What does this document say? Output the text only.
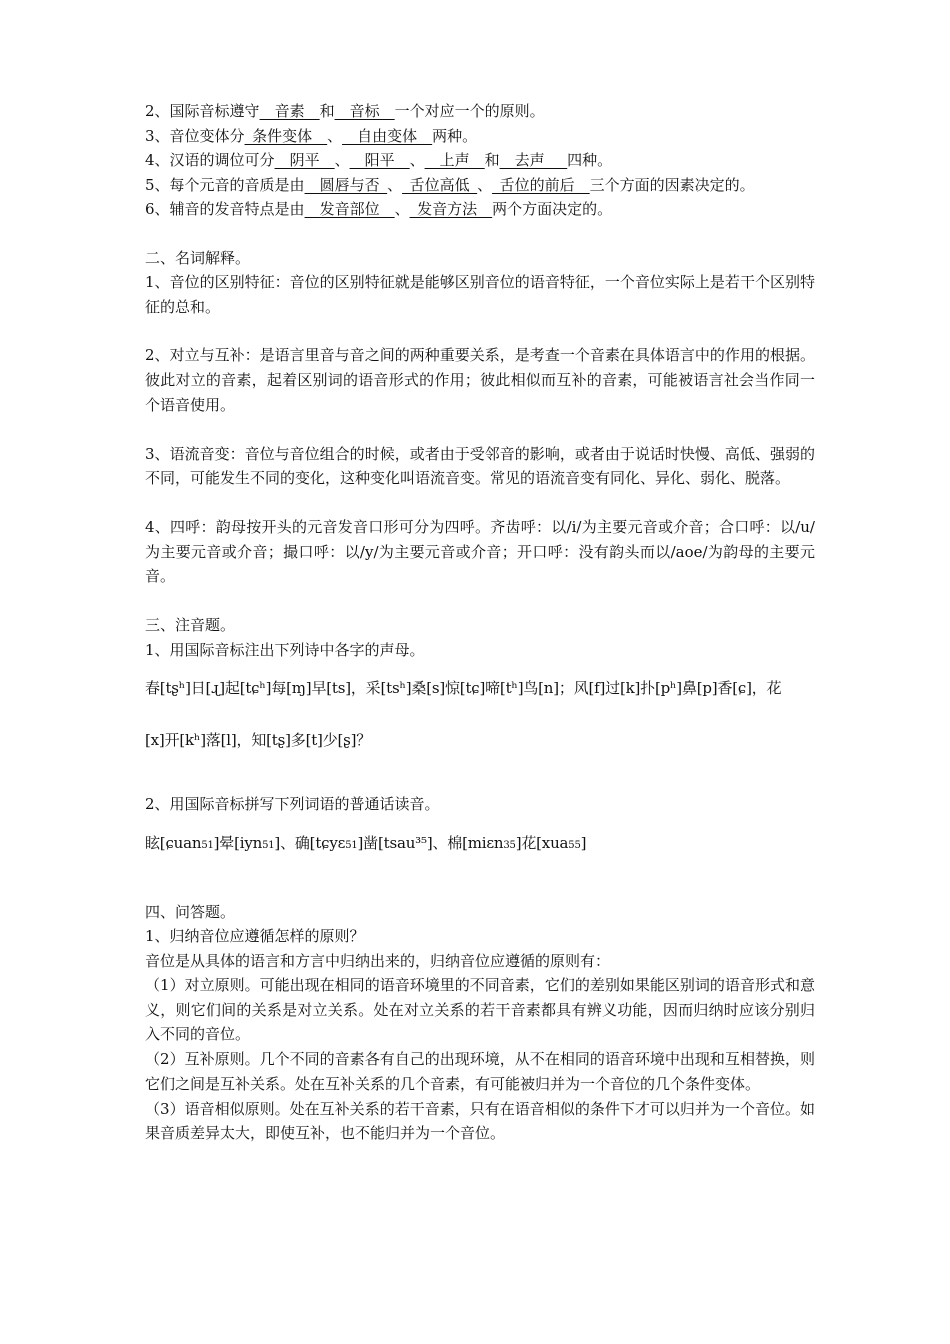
2、国际音标遵守__音素__和__音标__一个对应一个的原则。
3、音位变体分_条件变体__、__自由变体__两种。
4、汉语的调位可分__阴平__、__阳平__、__上声__和__去声___四种。
5、每个元音的音质是由__圆唇与否_、_舌位高低_、_舌位的前后__三个方面的因素决定的。
6、辅音的发音特点是由__发音部位__、_发音方法__两个方面决定的。
二、名词解释。

1、音位的区别特征：音位的区别特征就是能够区别音位的语音特征，一个音位实际上是若干个区别特征的总和。

2、对立与互补：是语言里音与音之间的两种重要关系，是考查一个音素在具体语言中的作用的根据。彼此对立的音素，起着区别词的语音形式的作用；彼此相似而互补的音素，可能被语言社会当作同一个语音使用。

3、语流音变：音位与音位组合的时候，或者由于受邻音的影响，或者由于说话时快慢、高低、强弱的不同，可能发生不同的变化，这种变化叫语流音变。常见的语流音变有同化、异化、弱化、脱落。

4、四呼：韵母按开头的元音发音口形可分为四呼。齐齿呼：以/i/为主要元音或介音；合口呼：以/u/为主要元音或介音；撮口呼：以/y/为主要元音或介音；开口呼：没有韵头而以/aoe/为韵母的主要元音。

三、注音题。
1、用国际音标注出下列诗中各字的声母。
春[tʂʰ]日[ɻ]起[tɕʰ]每[ɱ]早[ts]，采[tsʰ]桑[s]惊[tɕ]啼[tʰ]鸟[n]；风[f]过[k]扑[pʰ]鼻[p]香[ɕ]，花
[x]开[kʰ]落[l]，知[tʂ]多[t]少[ʂ]？
2、用国际音标拼写下列词语的普通话读音。
眩[ɕuan51]晕[iyn51]、确[tɕyɛ51]凿[tsau³⁵]、棉[miɛn35]花[xua55]
四、问答题。
1、归纳音位应遵循怎样的原则？
音位是从具体的语言和方言中归纳出来的，归纳音位应遵循的原则有：

（1）对立原则。可能出现在相同的语音环境里的不同音素，它们的差别如果能区别词的语音形式和意义，则它们间的关系是对立关系。处在对立关系的若干音素都具有辨义功能，因而归纳时应该分别归入不同的音位。

（2）互补原则。几个不同的音素各有自己的出现环境，从不在相同的语音环境中出现和互相替换，则它们之间是互补关系。处在互补关系的几个音素，有可能被归并为一个音位的几个条件变体。

（3）语音相似原则。处在互补关系的若干音素，只有在语音相似的条件下才可以归并为一个音位。如果音质差异太大，即使互补，也不能归并为一个音位。
